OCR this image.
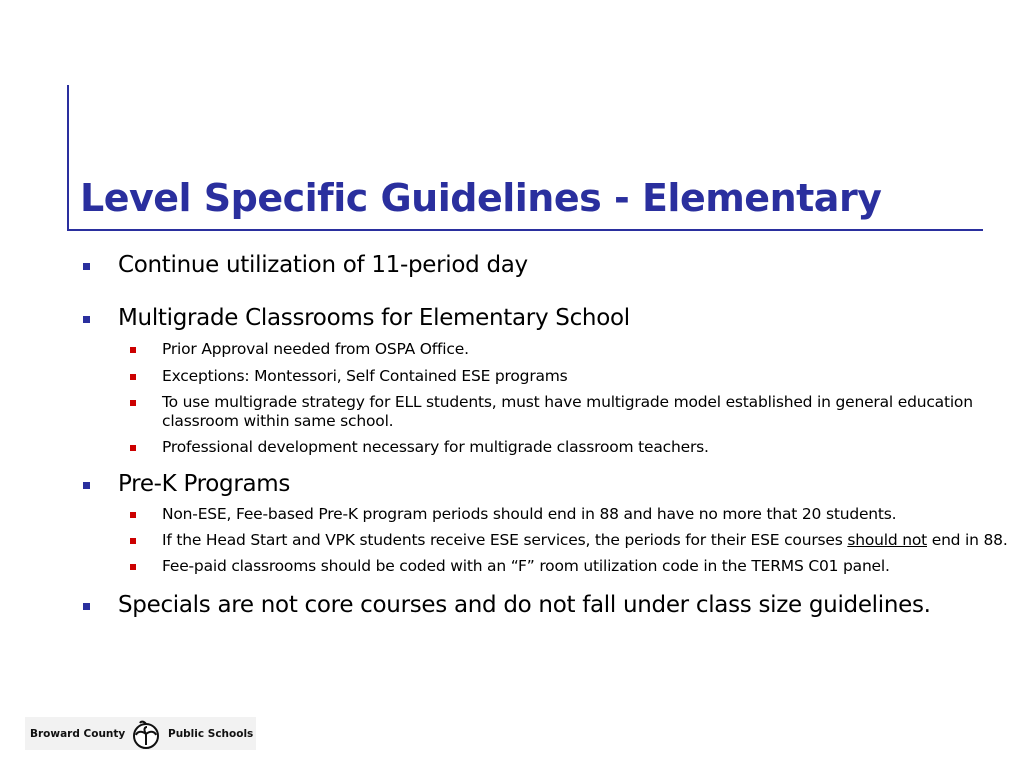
Level Specific Guidelines - Elementary
Continue utilization of 11-period day
Multigrade Classrooms for Elementary School
Prior Approval needed from OSPA Office.
Exceptions: Montessori, Self Contained ESE programs
To use multigrade strategy for ELL students, must have multigrade model established in general education classroom within same school.
Professional development necessary for multigrade classroom teachers.
Pre-K Programs
Non-ESE, Fee-based Pre-K program periods should end in 88 and have no more that 20 students.
If the Head Start and VPK students receive ESE services, the periods for their ESE courses should not end in 88.
Fee-paid classrooms should be coded with an “F” room utilization code in the TERMS C01 panel.
Specials are not core courses and do not fall under class size guidelines.
Broward County	Public Schools
